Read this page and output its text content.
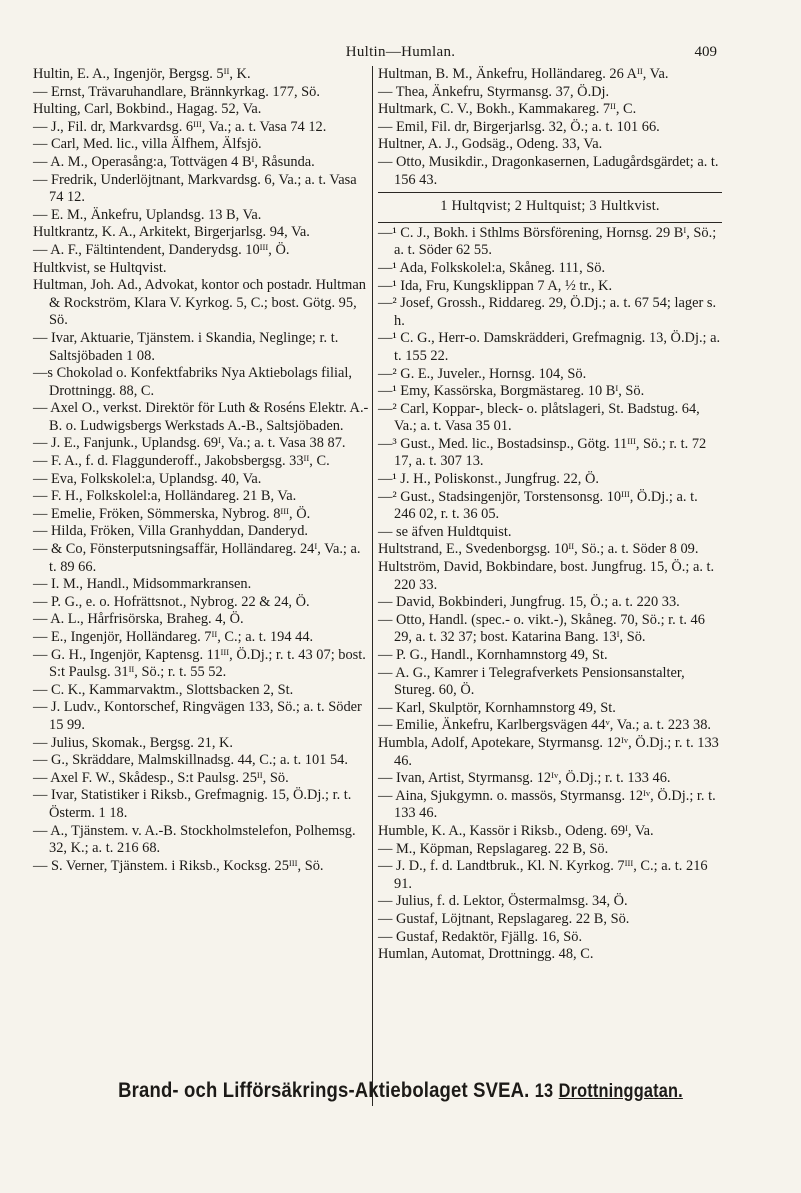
Hultin—Humlan.	409
Hultin, E. A., Ingenjör, Bergsg. 5ᴵᴵ, K.
— Ernst, Trävaruhandlare, Brännkyrkag. 177, Sö.
Hulting, Carl, Bokbind., Hagag. 52, Va.
— J., Fil. dr, Markvardsg. 6ᴵᴵᴵ, Va.; a. t. Vasa 74 12.
— Carl, Med. lic., villa Älfhem, Älfsjö.
— A. M., Operasång:a, Tottvägen 4 Bᴵ, Råsunda.
— Fredrik, Underlöjtnant, Markvardsg. 6, Va.; a. t. Vasa 74 12.
— E. M., Änkefru, Uplandsg. 13 B, Va.
Hultkrantz, K. A., Arkitekt, Birgerjarlsg. 94, Va.
— A. F., Fältintendent, Danderydsg. 10ᴵᴵᴵ, Ö.
Hultkvist, se Hultqvist.
Hultman, Joh. Ad., Advokat, kontor och postadr. Hultman & Rockström, Klara V. Kyrkog. 5, C.; bost. Götg. 95, Sö.
— Ivar, Aktuarie, Tjänstem. i Skandia, Neglinge; r. t. Saltsjöbaden 1 08.
—s Chokolad o. Konfektfabriks Nya Aktiebolags filial, Drottningg. 88, C.
— Axel O., verkst. Direktör för Luth & Roséns Elektr. A.-B. o. Ludwigsbergs Werkstads A.-B., Saltsjöbaden.
— J. E., Fanjunk., Uplandsg. 69ᴵ, Va.; a. t. Vasa 38 87.
— F. A., f. d. Flaggunderoff., Jakobsbergsg. 33ᴵᴵ, C.
— Eva, Folkskolel:a, Uplandsg. 40, Va.
— F. H., Folkskolel:a, Holländareg. 21 B, Va.
— Emelie, Fröken, Sömmerska, Nybrog. 8ᴵᴵᴵ, Ö.
— Hilda, Fröken, Villa Granhyddan, Danderyd.
— & Co, Fönsterputsningsaffär, Holländareg. 24ᴵ, Va.; a. t. 89 66.
— I. M., Handl., Midsommarkransen.
— P. G., e. o. Hofrättsnot., Nybrog. 22 & 24, Ö.
— A. L., Hårfrisörska, Braheg. 4, Ö.
— E., Ingenjör, Holländareg. 7ᴵᴵ, C.; a. t. 194 44.
— G. H., Ingenjör, Kaptensg. 11ᴵᴵᴵ, Ö.Dj.; r. t. 43 07; bost. S:t Paulsg. 31ᴵᴵ, Sö.; r. t. 55 52.
— C. K., Kammarvaktm., Slottsbacken 2, St.
— J. Ludv., Kontorschef, Ringvägen 133, Sö.; a. t. Söder 15 99.
— Julius, Skomak., Bergsg. 21, K.
— G., Skräddare, Malmskillnadsg. 44, C.; a. t. 101 54.
— Axel F. W., Skådesp., S:t Paulsg. 25ᴵᴵ, Sö.
— Ivar, Statistiker i Riksb., Grefmagnig. 15, Ö.Dj.; r. t. Österm. 1 18.
— A., Tjänstem. v. A.-B. Stockholmstelefon, Polhemsg. 32, K.; a. t. 216 68.
— S. Verner, Tjänstem. i Riksb., Kocksg. 25ᴵᴵᴵ, Sö.
Hultman, B. M., Änkefru, Holländareg. 26 Aᴵᴵ, Va.
— Thea, Änkefru, Styrmansg. 37, Ö.Dj.
Hultmark, C. V., Bokh., Kammakareg. 7ᴵᴵ, C.
— Emil, Fil. dr, Birgerjarlsg. 32, Ö.; a. t. 101 66.
Hultner, A. J., Godsäg., Odeng. 33, Va.
— Otto, Musikdir., Dragonkasernen, Ladugårdsgärdet; a. t. 156 43.
1 Hultqvist; 2 Hultquist; 3 Hultkvist.
—¹ C. J., Bokh. i Sthlms Börsförening, Hornsg. 29 Bᴵ, Sö.; a. t. Söder 62 55.
—¹ Ada, Folkskolel:a, Skåneg. 111, Sö.
—¹ Ida, Fru, Kungsklippan 7 A, ½ tr., K.
—² Josef, Grossh., Riddareg. 29, Ö.Dj.; a. t. 67 54; lager s. h.
—¹ C. G., Herr-o. Damskrädderi, Grefmagnig. 13, Ö.Dj.; a. t. 155 22.
—² G. E., Juveler., Hornsg. 104, Sö.
—¹ Emy, Kassörska, Borgmästareg. 10 Bᴵ, Sö.
—² Carl, Koppar-, bleck- o. plåtslageri, St. Badstug. 64, Va.; a. t. Vasa 35 01.
—³ Gust., Med. lic., Bostadsinsp., Götg. 11ᴵᴵᴵ, Sö.; r. t. 72 17, a. t. 307 13.
—¹ J. H., Poliskonst., Jungfrug. 22, Ö.
—² Gust., Stadsingenjör, Torstensonsg. 10ᴵᴵᴵ, Ö.Dj.; a. t. 246 02, r. t. 36 05.
— se äfven Huldtquist.
Hultstrand, E., Svedenborgsg. 10ᴵᴵ, Sö.; a. t. Söder 8 09.
Hultström, David, Bokbindare, bost. Jungfrug. 15, Ö.; a. t. 220 33.
— David, Bokbinderi, Jungfrug. 15, Ö.; a. t. 220 33.
— Otto, Handl. (spec.- o. vikt.-), Skåneg. 70, Sö.; r. t. 46 29, a. t. 32 37; bost. Katarina Bang. 13ᴵ, Sö.
— P. G., Handl., Kornhamnstorg 49, St.
— A. G., Kamrer i Telegrafverkets Pensionsanstalter, Stureg. 60, Ö.
— Karl, Skulptör, Kornhamnstorg 49, St.
— Emilie, Änkefru, Karlbergsvägen 44ᵛ, Va.; a. t. 223 38.
Humbla, Adolf, Apotekare, Styrmansg. 12ᴵᵛ, Ö.Dj.; r. t. 133 46.
— Ivan, Artist, Styrmansg. 12ᴵᵛ, Ö.Dj.; r. t. 133 46.
— Aina, Sjukgymn. o. massös, Styrmansg. 12ᴵᵛ, Ö.Dj.; r. t. 133 46.
Humble, K. A., Kassör i Riksb., Odeng. 69ᴵ, Va.
— M., Köpman, Repslagareg. 22 B, Sö.
— J. D., f. d. Landtbruk., Kl. N. Kyrkog. 7ᴵᴵᴵ, C.; a. t. 216 91.
— Julius, f. d. Lektor, Östermalmsg. 34, Ö.
— Gustaf, Löjtnant, Repslagareg. 22 B, Sö.
— Gustaf, Redaktör, Fjällg. 16, Sö.
Humlan, Automat, Drottningg. 48, C.
Brand- och Lifförsäkrings-Aktiebolaget SVEA. 13 Drottninggatan.
